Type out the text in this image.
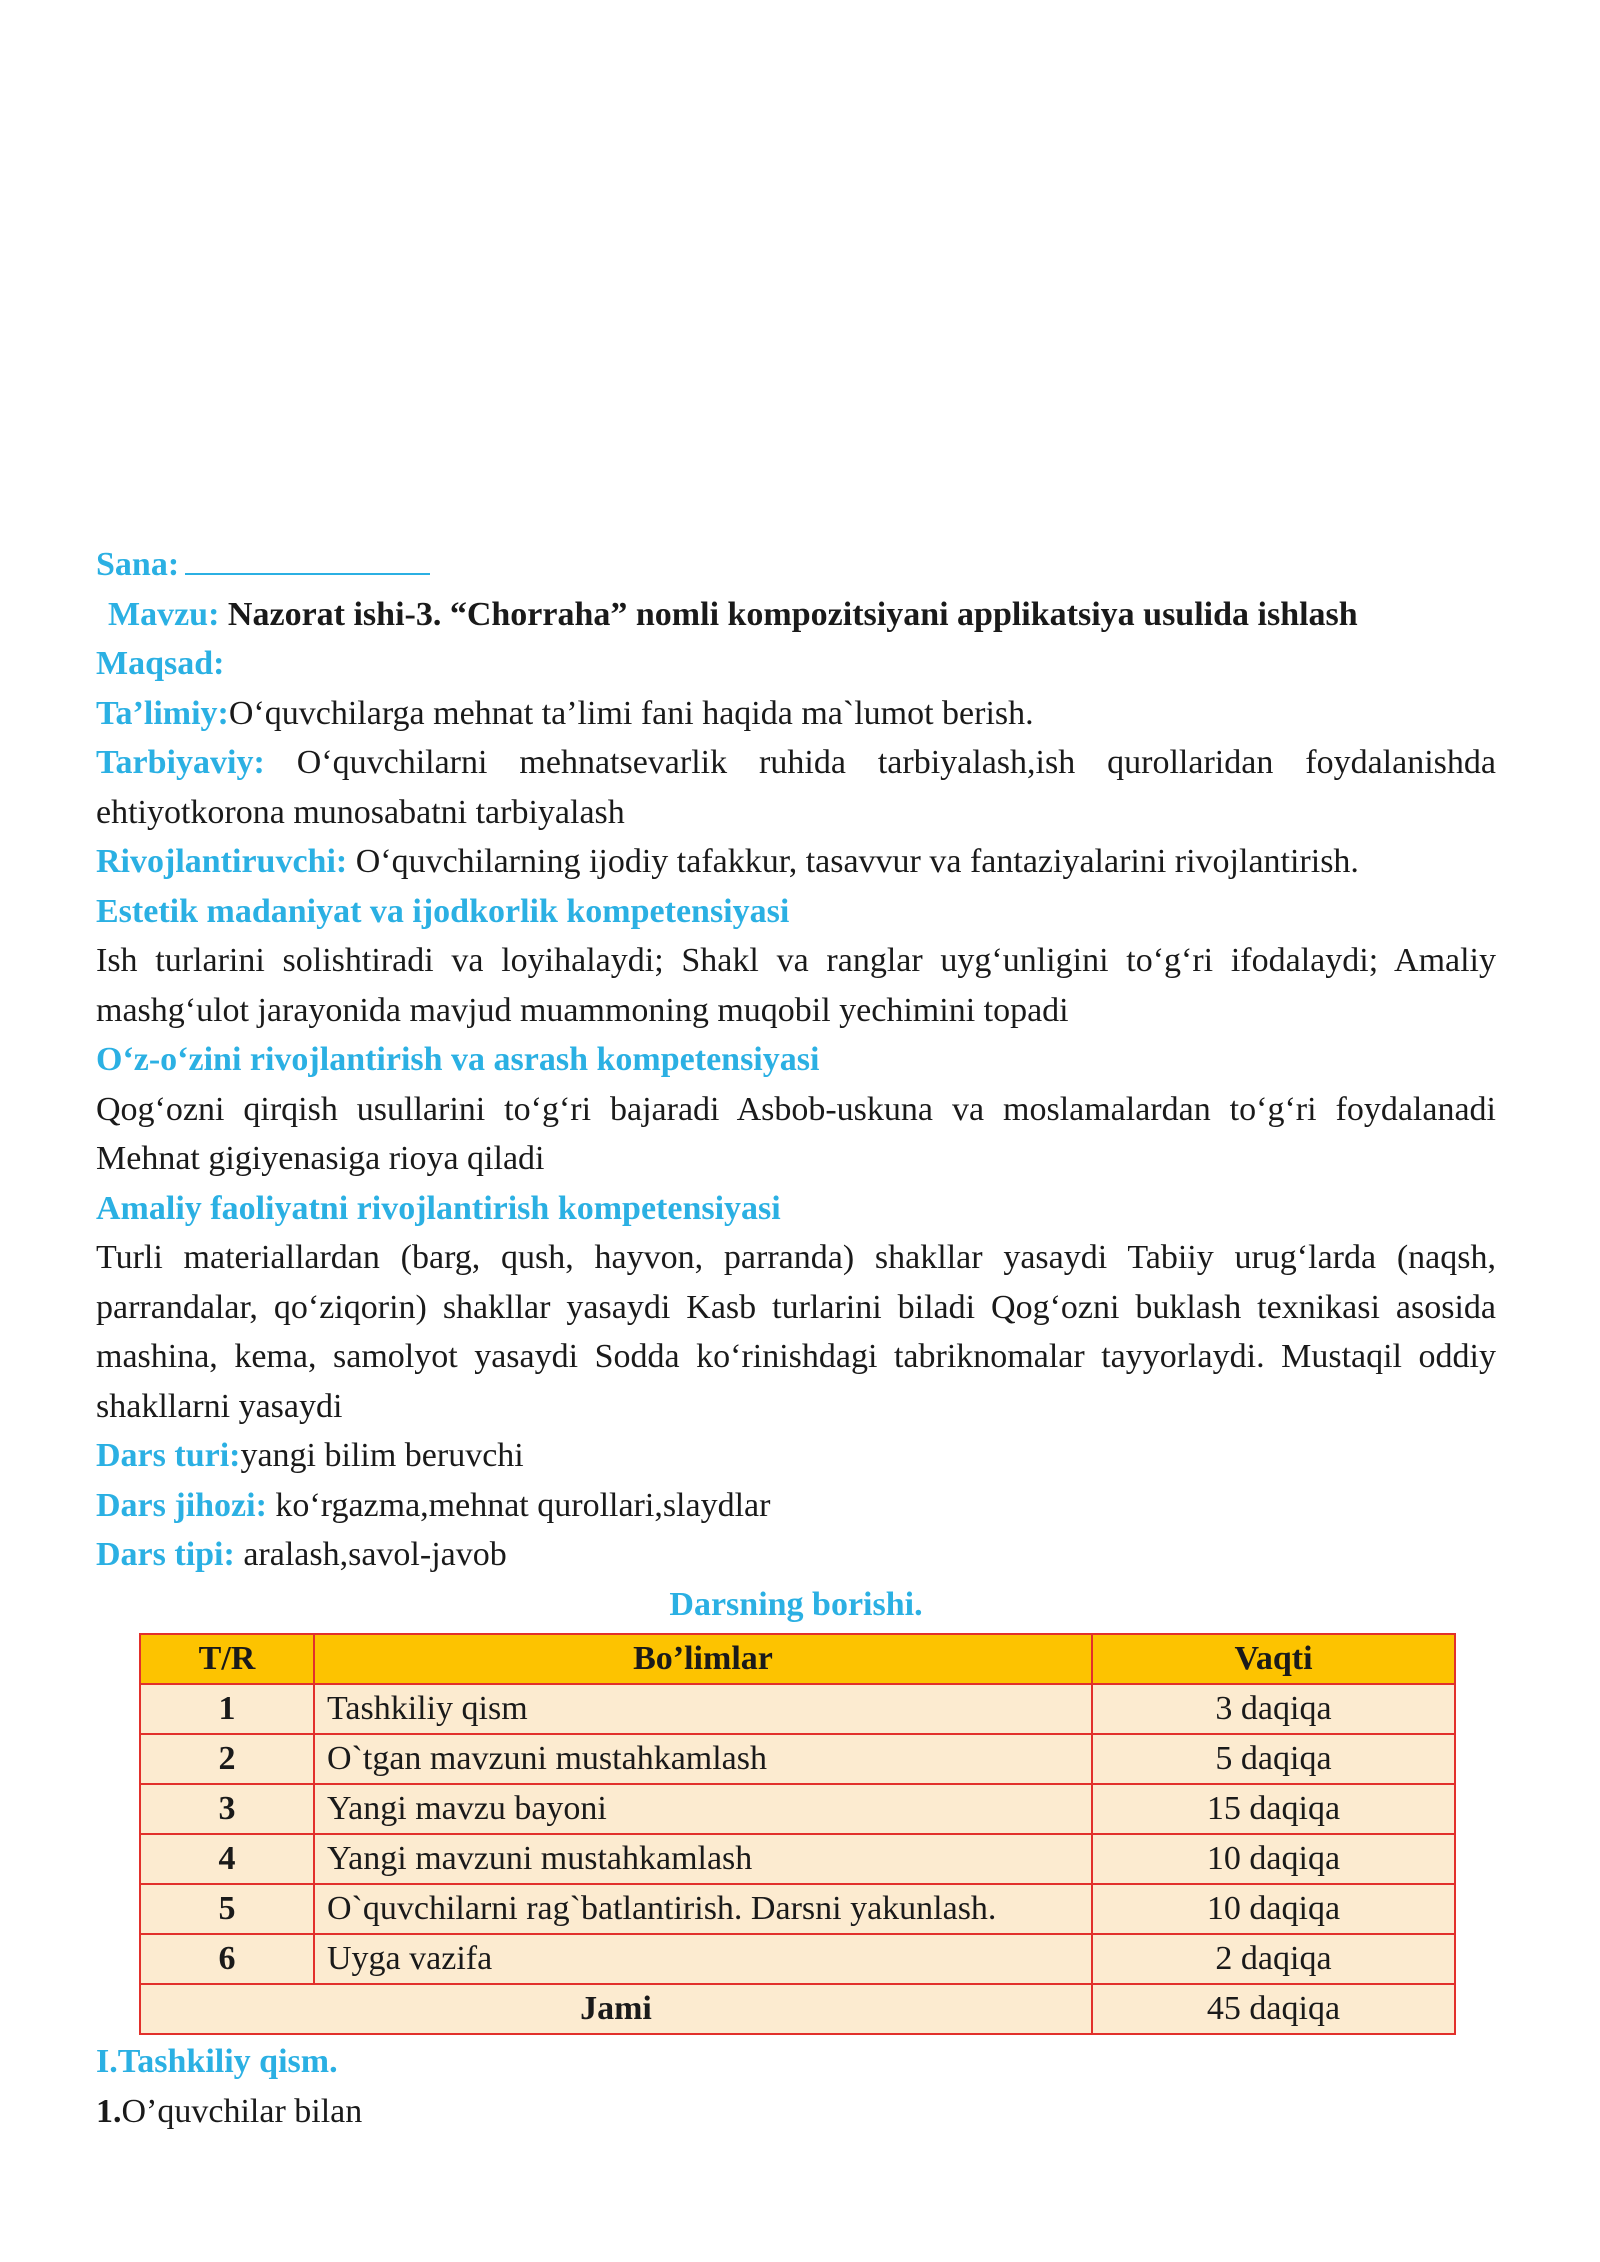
Sana:

Mavzu: Nazorat ishi-3. “Chorraha” nomli kompozitsiyani applikatsiya usulida ishlash

Maqsad:

Ta’limiy:O‘quvchilarga mehnat ta’limi fani haqida ma`lumot berish.

Tarbiyaviy: O‘quvchilarni mehnatsevarlik ruhida tarbiyalash,ish qurollaridan foydalanishda ehtiyotkorona munosabatni tarbiyalash

Rivojlantiruvchi: O‘quvchilarning ijodiy tafakkur, tasavvur va fantaziyalarini rivojlantirish.

Estetik madaniyat va ijodkorlik kompetensiyasi

Ish turlarini solishtiradi va loyihalaydi; Shakl va ranglar uyg‘unligini to‘g‘ri ifodalaydi; Amaliy mashg‘ulot jarayonida mavjud muammoning muqobil yechimini topadi

O‘z-o‘zini rivojlantirish va asrash kompetensiyasi

Qog‘ozni qirqish usullarini to‘g‘ri bajaradi Asbob-uskuna va moslamalardan to‘g‘ri foydalanadi Mehnat gigiyenasiga rioya qiladi

Amaliy faoliyatni rivojlantirish kompetensiyasi

Turli materiallardan (barg, qush, hayvon, parranda) shakllar yasaydi Tabiiy urug‘larda (naqsh, parrandalar, qo‘ziqorin) shakllar yasaydi Kasb turlarini biladi Qog‘ozni buklash texnikasi asosida mashina, kema, samolyot yasaydi Sodda ko‘rinishdagi tabriknomalar tayyorlaydi. Mustaqil oddiy shakllarni yasaydi

Dars turi:yangi bilim beruvchi

Dars jihozi: ko‘rgazma,mehnat qurollari,slaydlar

Dars tipi: aralash,savol-javob

Darsning borishi.

T/R	Bo’limlar	Vaqti
1	Tashkiliy qism	3 daqiqa
2	O`tgan mavzuni mustahkamlash	5 daqiqa
3	Yangi mavzu bayoni	15 daqiqa
4	Yangi mavzuni mustahkamlash	10 daqiqa
5	O`quvchilarni rag`batlantirish. Darsni yakunlash.	10 daqiqa
6	Uyga vazifa	2 daqiqa
Jami		45 daqiqa

I.Tashkiliy qism.

1.O’quvchilar bilan
